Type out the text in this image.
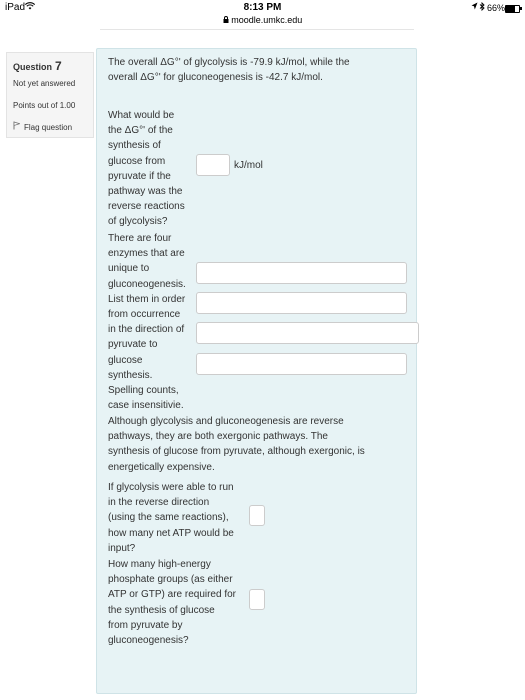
iPad	8:13 PM
moodle.umkc.edu
66%
Question 7
Not yet answered
Points out of 1.00
Flag question
The overall ΔG°' of glycolysis is -79.9 kJ/mol, while the
overall ΔG°' for gluconeogenesis is -42.7 kJ/mol.
What would be
the ΔG°' of the
synthesis of
glucose from
pyruvate if the
pathway was the
reverse reactions
of glycolysis?
kJ/mol
There are four
enzymes that are
unique to
gluconeogenesis.
List them in order
from occurrence
in the direction of
pyruvate to
glucose
synthesis.
Spelling counts,
case insensitivie.
Although glycolysis and gluconeogenesis are reverse
pathways, they are both exergonic pathways. The
synthesis of glucose from pyruvate, although exergonic, is
energetically expensive.
If glycolysis were able to run
in the reverse direction
(using the same reactions),
how many net ATP would be
input?
How many high-energy
phosphate groups (as either
ATP or GTP) are required for
the synthesis of glucose
from pyruvate by
gluconeogenesis?
